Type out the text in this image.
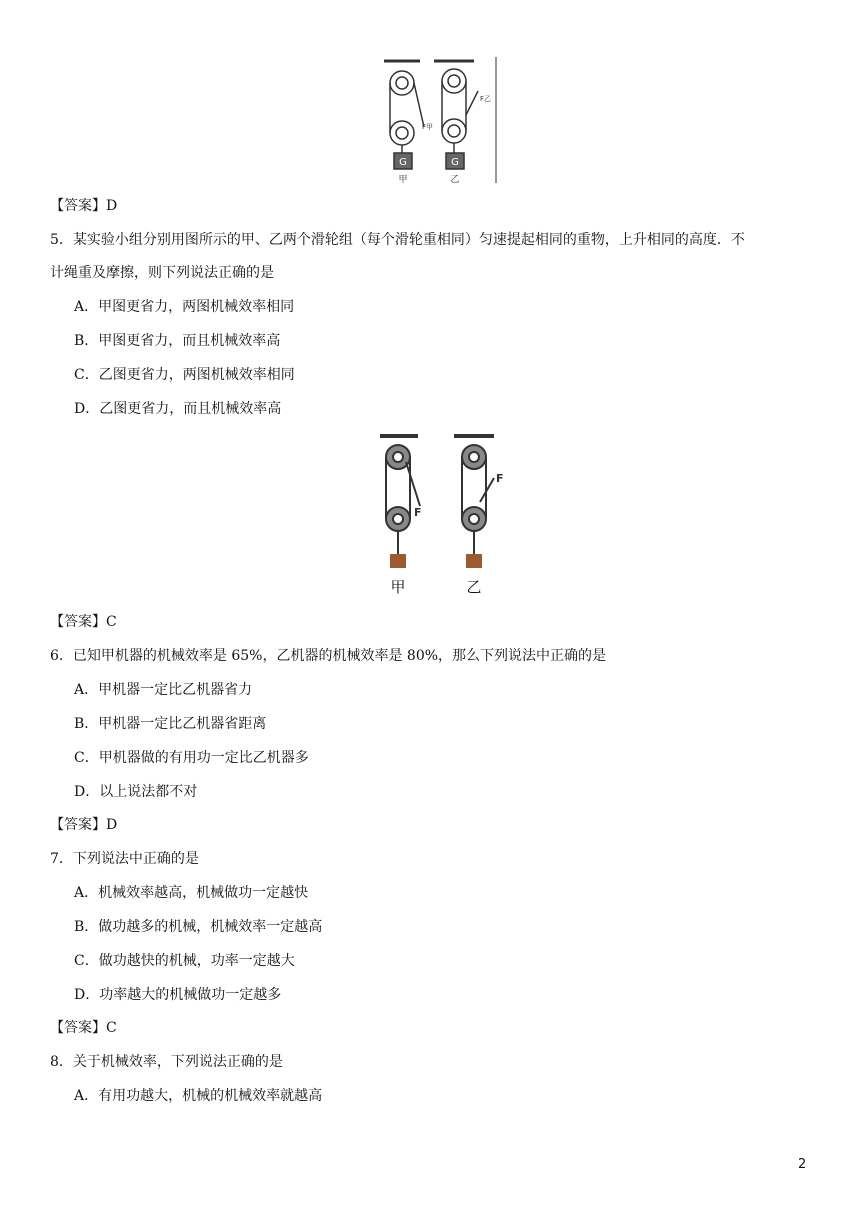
G	G
F甲
F乙
甲	乙
【答案】D
5．某实验小组分别用图所示的甲、乙两个滑轮组（每个滑轮重相同）匀速提起相同的重物，上升相同的高度．不
计绳重及摩擦，则下列说法正确的是
A．甲图更省力，两图机械效率相同
B．甲图更省力，而且机械效率高
C．乙图更省力，两图机械效率相同
D．乙图更省力，而且机械效率高
F
F
甲	乙
【答案】C
6．已知甲机器的机械效率是 65%，乙机器的机械效率是 80%，那么下列说法中正确的是
A．甲机器一定比乙机器省力
B．甲机器一定比乙机器省距离
C．甲机器做的有用功一定比乙机器多
D．以上说法都不对
【答案】D
7．下列说法中正确的是
A．机械效率越高，机械做功一定越快
B．做功越多的机械，机械效率一定越高
C．做功越快的机械，功率一定越大
D．功率越大的机械做功一定越多
【答案】C
8．关于机械效率，下列说法正确的是
A．有用功越大，机械的机械效率就越高
2
